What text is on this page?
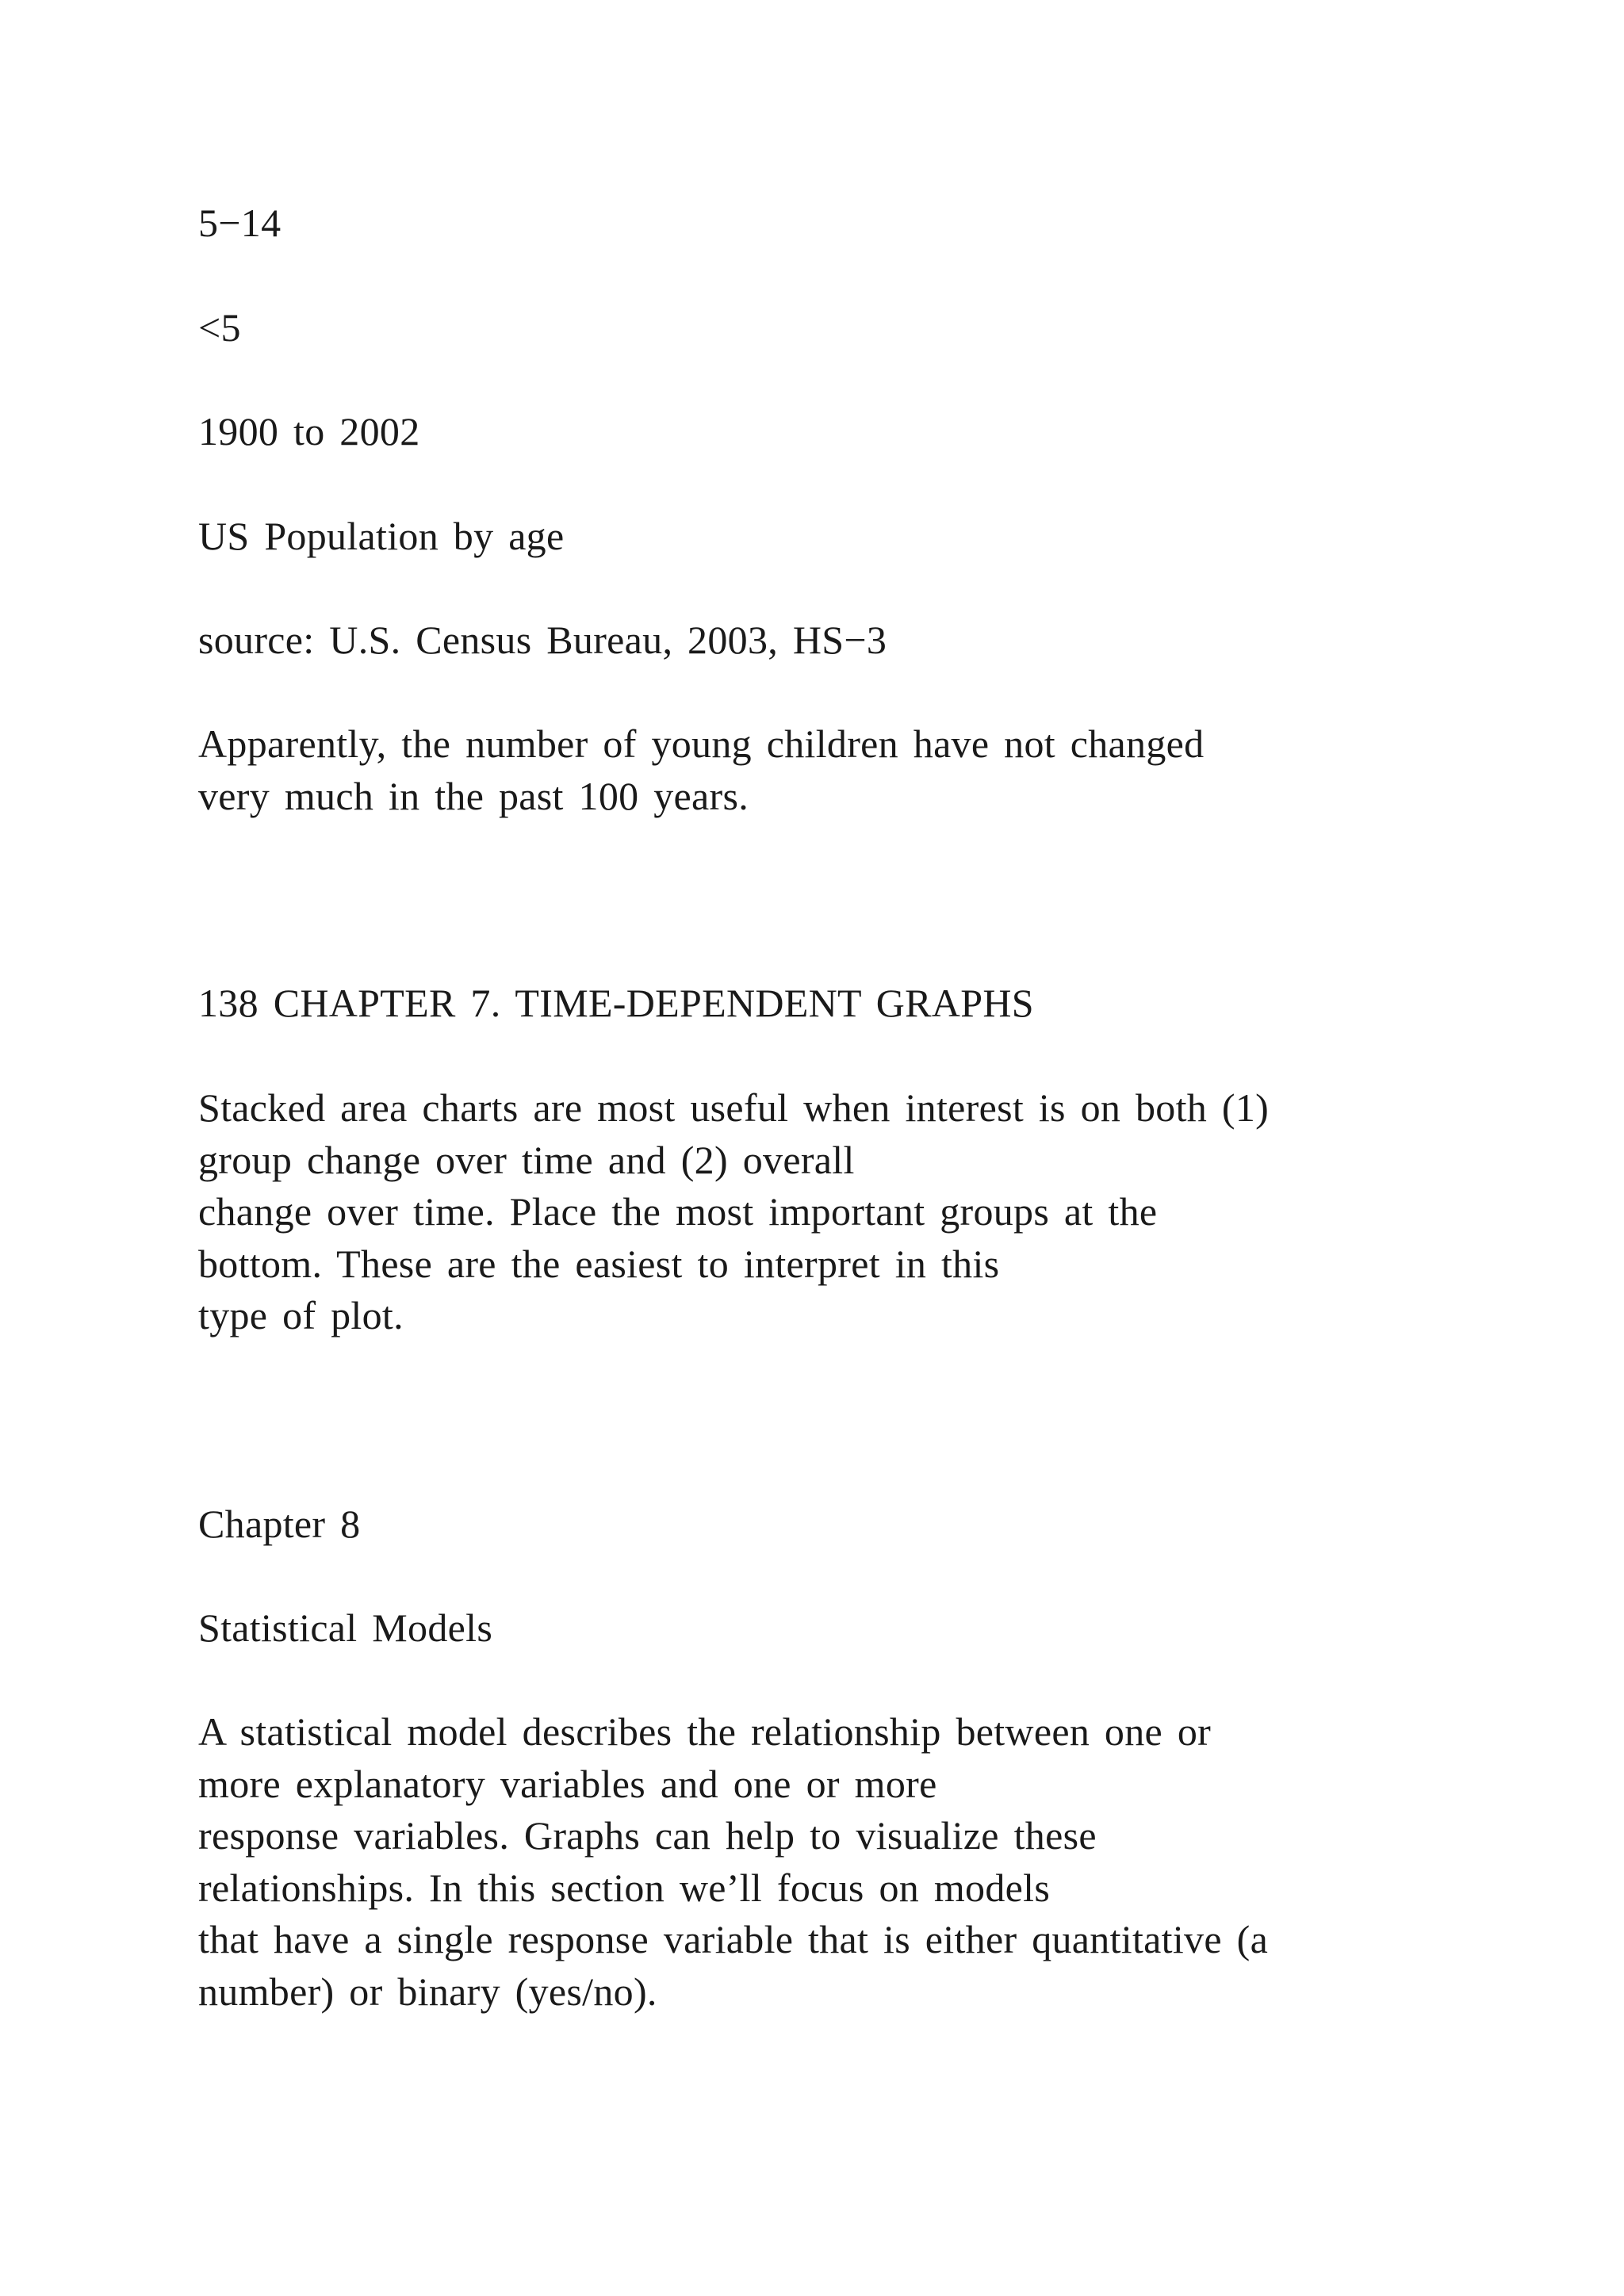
5−14
<5
1900 to 2002
US Population by age
source: U.S. Census Bureau, 2003, HS−3
Apparently, the number of young children have not changed
very much in the past 100 years.
138 CHAPTER 7. TIME-DEPENDENT GRAPHS
Stacked area charts are most useful when interest is on both (1)
group change over time and (2) overall
change over time. Place the most important groups at the
bottom. These are the easiest to interpret in this
type of plot.
Chapter 8
Statistical Models
A statistical model describes the relationship between one or
more explanatory variables and one or more
response variables. Graphs can help to visualize these
relationships. In this section we’ll focus on models
that have a single response variable that is either quantitative (a
number) or binary (yes/no).
